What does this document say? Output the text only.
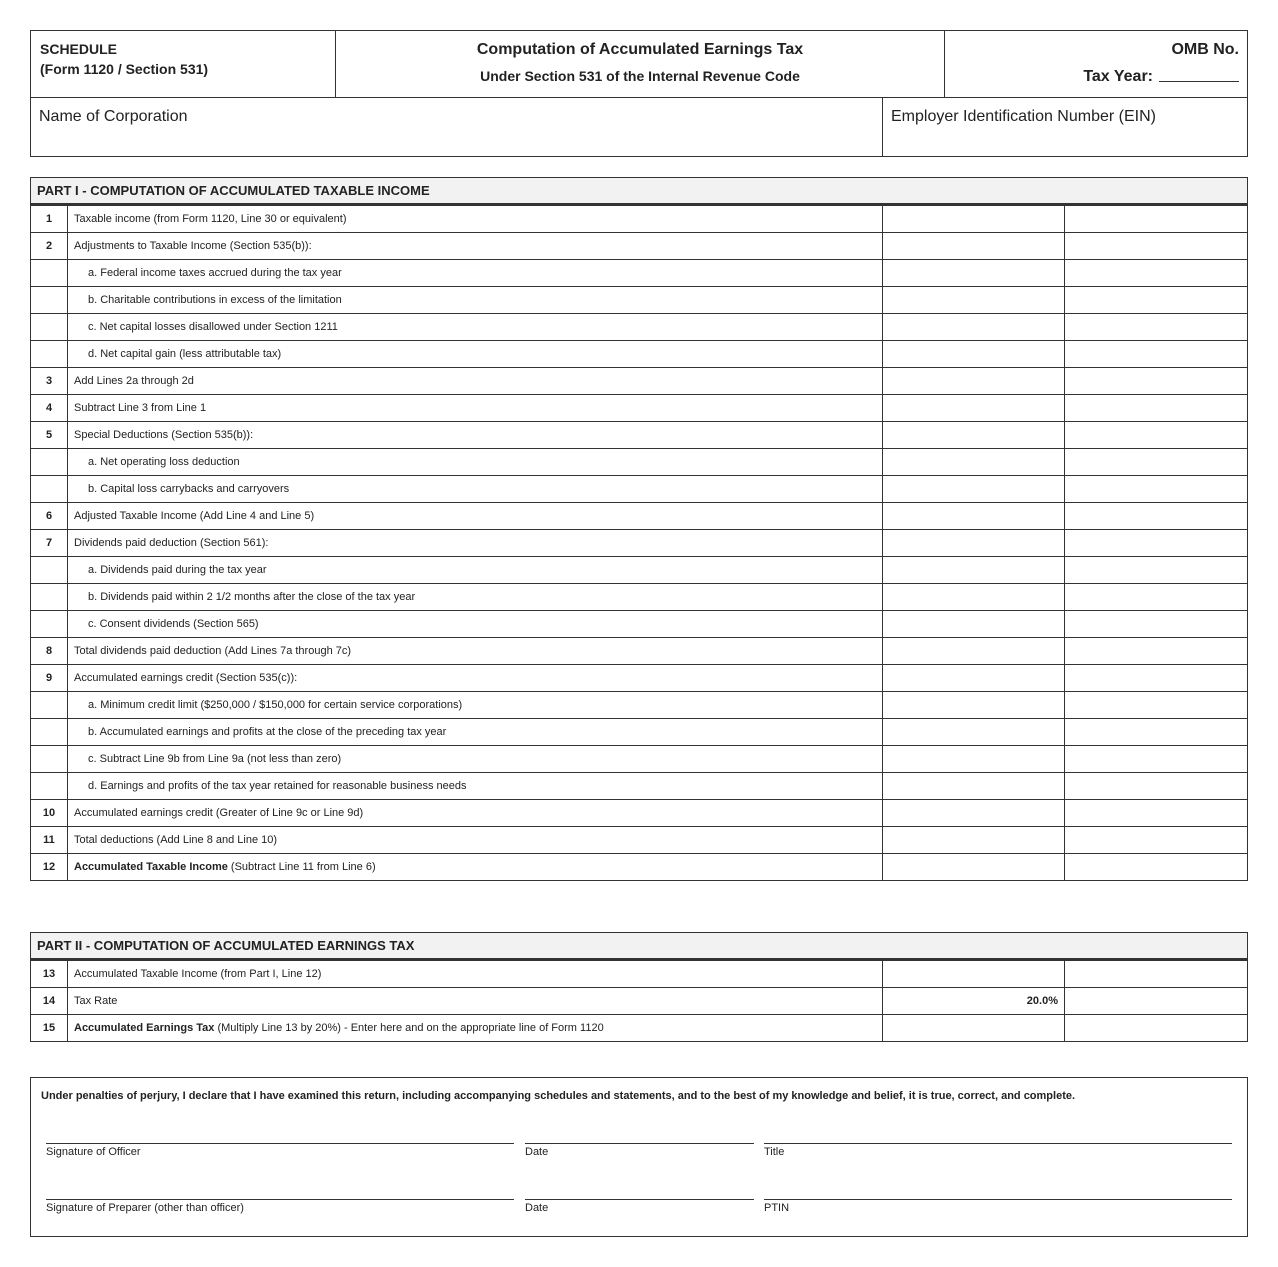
SCHEDULE
(Form 1120 / Section 531)
Computation of Accumulated Earnings Tax
Under Section 531 of the Internal Revenue Code
OMB No.
Tax Year:
Name of Corporation	Employer Identification Number (EIN)
PART I - COMPUTATION OF ACCUMULATED TAXABLE INCOME
1	Taxable income (from Form 1120, Line 30 or equivalent)		
2	Adjustments to Taxable Income (Section 535(b)):		
	a. Federal income taxes accrued during the tax year		
	b. Charitable contributions in excess of the limitation		
	c. Net capital losses disallowed under Section 1211		
	d. Net capital gain (less attributable tax)		
3	Add Lines 2a through 2d		
4	Subtract Line 3 from Line 1		
5	Special Deductions (Section 535(b)):		
	a. Net operating loss deduction		
	b. Capital loss carrybacks and carryovers		
6	Adjusted Taxable Income (Add Line 4 and Line 5)		
7	Dividends paid deduction (Section 561):		
	a. Dividends paid during the tax year		
	b. Dividends paid within 2 1/2 months after the close of the tax year		
	c. Consent dividends (Section 565)		
8	Total dividends paid deduction (Add Lines 7a through 7c)		
9	Accumulated earnings credit (Section 535(c)):		
	a. Minimum credit limit ($250,000 / $150,000 for certain service corporations)		
	b. Accumulated earnings and profits at the close of the preceding tax year		
	c. Subtract Line 9b from Line 9a (not less than zero)		
	d. Earnings and profits of the tax year retained for reasonable business needs		
10	Accumulated earnings credit (Greater of Line 9c or Line 9d)		
11	Total deductions (Add Line 8 and Line 10)		
12	Accumulated Taxable Income (Subtract Line 11 from Line 6)		
PART II - COMPUTATION OF ACCUMULATED EARNINGS TAX
13	Accumulated Taxable Income (from Part I, Line 12)		
14	Tax Rate	20.0%	
15	Accumulated Earnings Tax (Multiply Line 13 by 20%) - Enter here and on the appropriate line of Form 1120		
Under penalties of perjury, I declare that I have examined this return, including accompanying schedules and statements, and to the best of my knowledge and belief, it is true, correct, and complete.
Signature of Officer	Date	Title
Signature of Preparer (other than officer)	Date	PTIN
